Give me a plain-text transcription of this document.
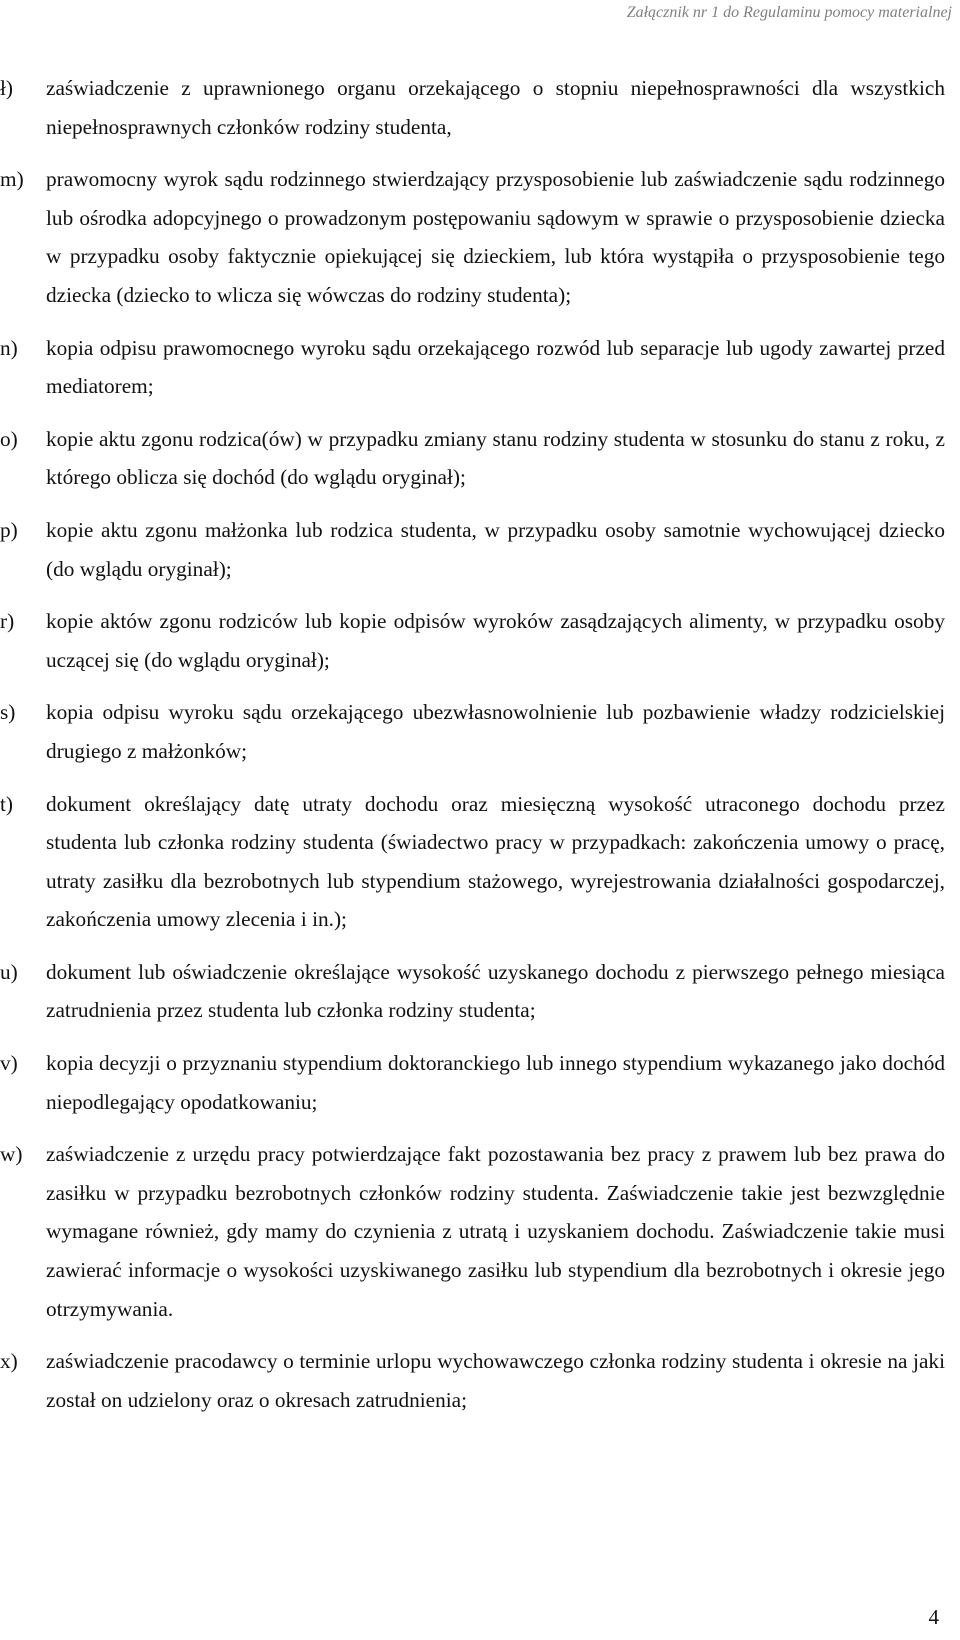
Załącznik nr 1 do Regulaminu pomocy materialnej
ł)	zaświadczenie z uprawnionego organu orzekającego o stopniu niepełnosprawności dla wszystkich niepełnosprawnych członków rodziny studenta,
m)	prawomocny wyrok sądu rodzinnego stwierdzający przysposobienie lub zaświadczenie sądu rodzinnego lub ośrodka adopcyjnego o prowadzonym postępowaniu sądowym w sprawie o przysposobienie dziecka w przypadku osoby faktycznie opiekującej się dzieckiem, lub która wystąpiła o przysposobienie tego dziecka (dziecko to wlicza się wówczas do rodziny studenta);
n)	kopia odpisu prawomocnego wyroku sądu orzekającego rozwód lub separacje lub ugody zawartej przed mediatorem;
o)	kopie aktu zgonu rodzica(ów) w przypadku zmiany stanu rodziny studenta w stosunku do stanu z roku, z którego oblicza się dochód (do wglądu oryginał);
p)	kopie aktu zgonu małżonka lub rodzica studenta, w przypadku osoby samotnie wychowującej dziecko (do wglądu oryginał);
r)	kopie aktów zgonu rodziców lub kopie odpisów wyroków zasądzających alimenty, w przypadku osoby uczącej się (do wglądu oryginał);
s)	kopia odpisu wyroku sądu orzekającego ubezwłasnowolnienie lub pozbawienie władzy rodzicielskiej drugiego z małżonków;
t)	dokument określający datę utraty dochodu oraz miesięczną wysokość utraconego dochodu przez studenta lub członka rodziny studenta (świadectwo pracy w przypadkach: zakończenia umowy o pracę, utraty zasiłku dla bezrobotnych lub stypendium stażowego, wyrejestrowania działalności gospodarczej, zakończenia umowy zlecenia i in.);
u)	dokument lub oświadczenie określające wysokość uzyskanego dochodu z pierwszego pełnego miesiąca zatrudnienia przez studenta lub członka rodziny studenta;
v)	kopia decyzji o przyznaniu stypendium doktoranckiego lub innego stypendium wykazanego jako dochód niepodlegający opodatkowaniu;
w)	zaświadczenie z urzędu pracy potwierdzające fakt pozostawania bez pracy z prawem lub bez prawa do zasiłku w przypadku bezrobotnych członków rodziny studenta. Zaświadczenie takie jest bezwzględnie wymagane również, gdy mamy do czynienia z utratą i uzyskaniem dochodu. Zaświadczenie takie musi zawierać informacje o wysokości uzyskiwanego zasiłku lub stypendium dla bezrobotnych i okresie jego otrzymywania.
x)	zaświadczenie pracodawcy o terminie urlopu wychowawczego członka rodziny studenta i okresie na jaki został on udzielony oraz o okresach zatrudnienia;
4
